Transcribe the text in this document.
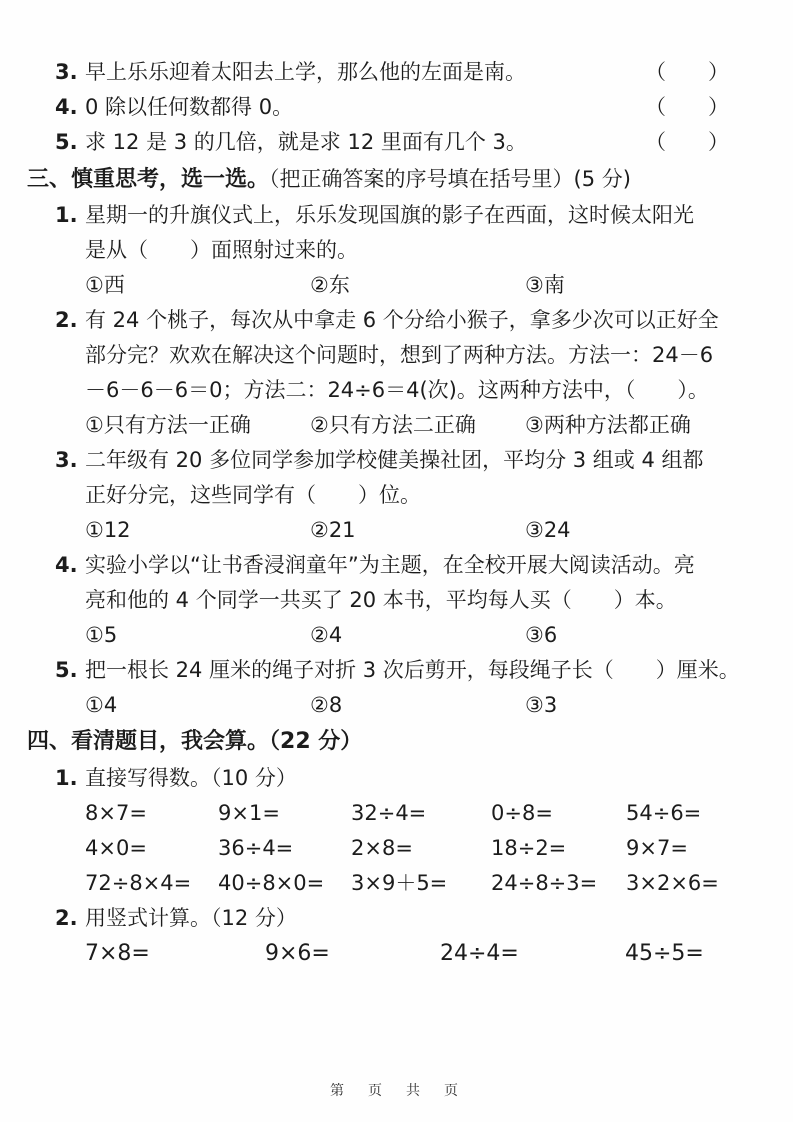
3. 早上乐乐迎着太阳去上学，那么他的左面是南。	（　　）
4. 0 除以任何数都得 0。	（　　）
5. 求 12 是 3 的几倍，就是求 12 里面有几个 3。	（　　）
三、慎重思考，选一选。（把正确答案的序号填在括号里）(5 分)
1. 星期一的升旗仪式上，乐乐发现国旗的影子在西面，这时候太阳光
是从（　　）面照射过来的。
①西	②东	③南
2. 有 24 个桃子，每次从中拿走 6 个分给小猴子，拿多少次可以正好全
部分完？欢欢在解决这个问题时，想到了两种方法。方法一：24－6
－6－6－6＝0；方法二：24÷6＝4(次)。这两种方法中，（　　）。
①只有方法一正确	②只有方法二正确	③两种方法都正确
3. 二年级有 20 多位同学参加学校健美操社团，平均分 3 组或 4 组都
正好分完，这些同学有（　　）位。
①12	②21	③24
4. 实验小学以“让书香浸润童年”为主题，在全校开展大阅读活动。亮
亮和他的 4 个同学一共买了 20 本书，平均每人买（　　）本。
①5	②4	③6
5. 把一根长 24 厘米的绳子对折 3 次后剪开，每段绳子长（　　）厘米。
①4	②8	③3
四、看清题目，我会算。（22 分）
1. 直接写得数。（10 分）
8×7=	9×1=	32÷4=	0÷8=	54÷6=
4×0=	36÷4=	2×8=	18÷2=	9×7=
72÷8×4=	40÷8×0=	3×9＋5=	24÷8÷3=	3×2×6=
2. 用竖式计算。（12 分）
7×8=	9×6=	24÷4=	45÷5=
第　页　共　页
